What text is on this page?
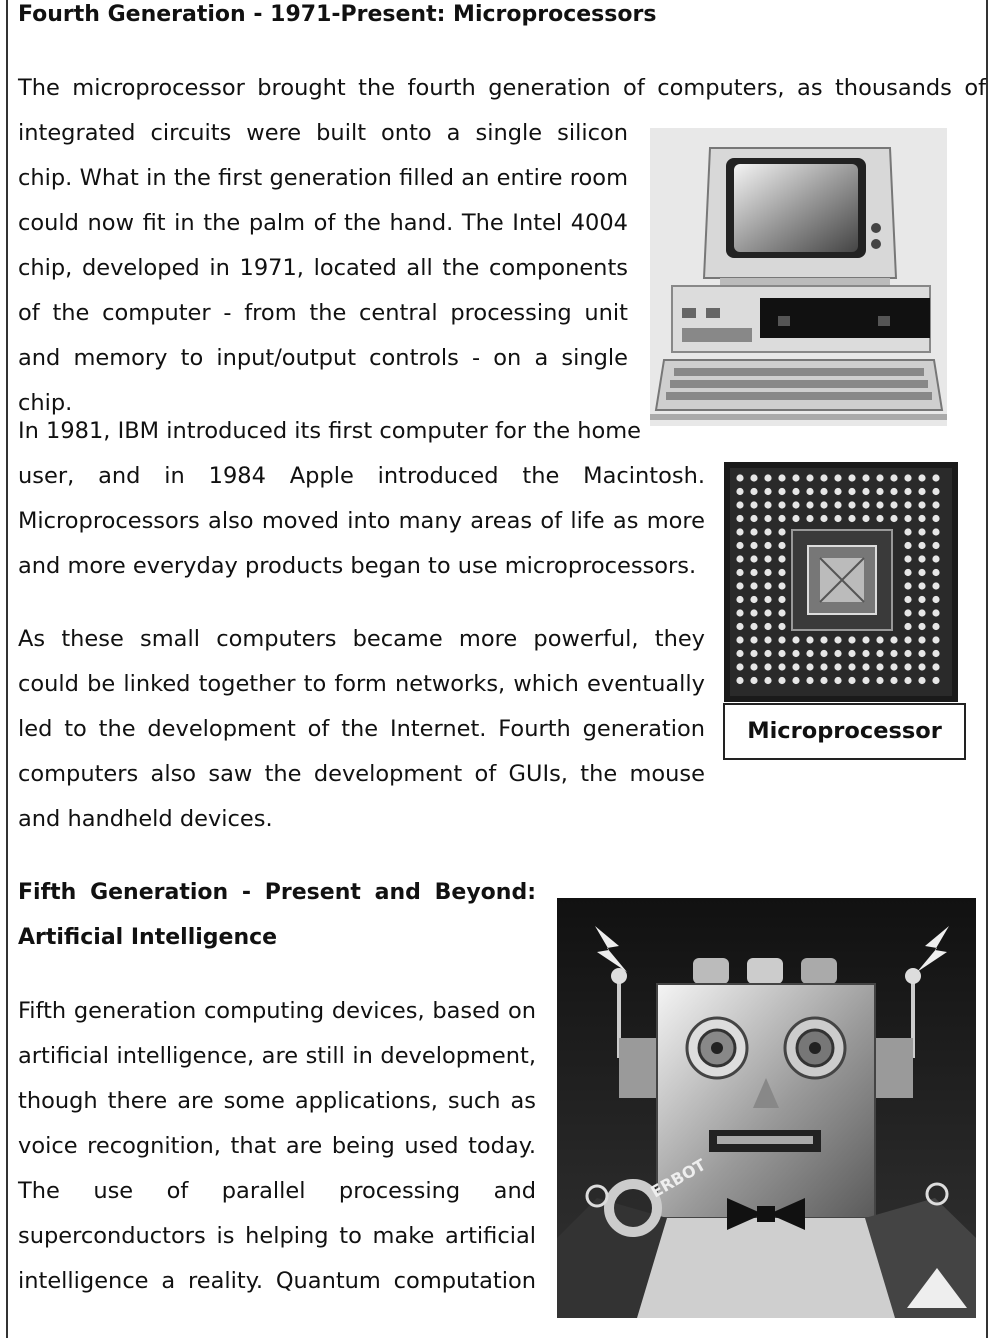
Fourth Generation - 1971-Present: Microprocessors
The microprocessor brought the fourth generation of computers, as thousands of
integrated circuits were built onto a single silicon chip. What in the first generation filled an entire room could now fit in the palm of the hand. The Intel 4004 chip, developed in 1971, located all the components of the computer - from the central processing unit and memory to input/output controls - on a single chip.
In 1981, IBM introduced its first computer for the home
user, and in 1984 Apple introduced the Macintosh. Microprocessors also moved into many areas of life as more and more everyday products began to use microprocessors.
As these small computers became more powerful, they could be linked together to form networks, which eventually led to the development of the Internet. Fourth generation computers also saw the development of GUIs, the mouse and handheld devices.
Microprocessor
Fifth Generation - Present and Beyond:
Artificial Intelligence
Fifth generation computing devices, based on artificial intelligence, are still in development, though there are some applications, such as voice recognition, that are being used today. The use of parallel processing and superconductors is helping to make artificial intelligence a reality. Quantum computation
ERBOT
